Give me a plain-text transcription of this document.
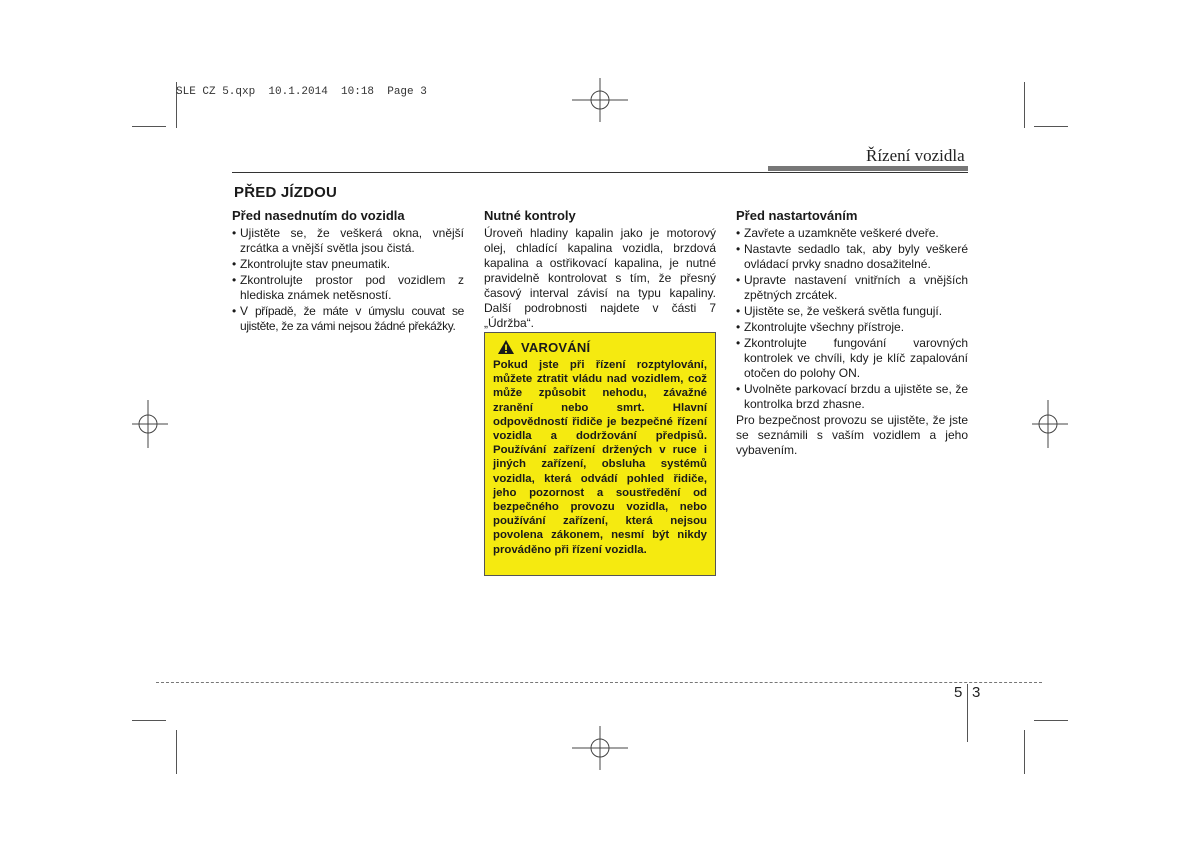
SLE CZ 5.qxp  10.1.2014  10:18  Page 3
Řízení vozidla
PŘED JÍZDOU
Před nasednutím do vozidla
• Ujistěte se, že veškerá okna, vnější zrcátka a vnější světla jsou čistá.
• Zkontrolujte stav pneumatik.
• Zkontrolujte prostor pod vozidlem z hlediska známek netěsností.
• V případě, že máte v úmyslu couvat se ujistěte, že za vámi nejsou žádné překážky.
Nutné kontroly

Úroveň hladiny kapalin jako je motorový olej, chladící kapalina vozidla, brzdová kapalina a ostřikovací kapalina, je nutné pravidelně kontrolovat s tím, že přesný časový interval závisí na typu kapaliny. Další podrobnosti najdete v části 7 „Údržba“.

VAROVÁNÍ

Pokud jste při řízení rozptylování, můžete ztratit vládu nad vozidlem, což může způsobit nehodu, závažné zranění nebo smrt. Hlavní odpovědností řidiče je bezpečné řízení vozidla a dodržování předpisů. Používání zařízení držených v ruce i jiných zařízení, obsluha systémů vozidla, která odvádí pohled řidiče, jeho pozornost a soustředění od bezpečného provozu vozidla, nebo používání zařízení, která nejsou povolena zákonem, nesmí být nikdy prováděno při řízení vozidla.

Před nastartováním
• Zavřete a uzamkněte veškeré dveře.
• Nastavte sedadlo tak, aby byly veškeré ovládací prvky snadno dosažitelné.
• Upravte nastavení vnitřních a vnějších zpětných zrcátek.
• Ujistěte se, že veškerá světla fungují.
• Zkontrolujte všechny přístroje.
• Zkontrolujte fungování varovných kontrolek ve chvíli, kdy je klíč zapalování otočen do polohy ON.
• Uvolněte parkovací brzdu a ujistěte se, že kontrolka brzd zhasne.

Pro bezpečnost provozu se ujistěte, že jste se seznámili s vaším vozidlem a jeho vybavením.

5 3
